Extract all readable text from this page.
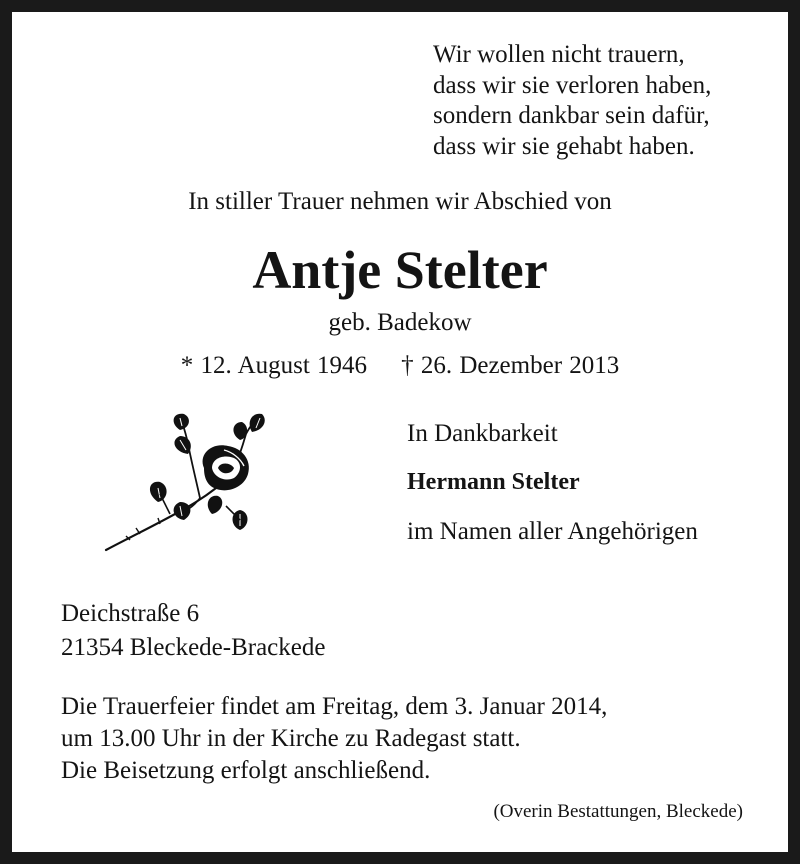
Wir wollen nicht trauern,
dass wir sie verloren haben,
sondern dankbar sein dafür,
dass wir sie gehabt haben.
In stiller Trauer nehmen wir Abschied von
Antje Stelter
geb. Badekow
* 12. August 1946 † 26. Dezember 2013
In Dankbarkeit
Hermann Stelter
im Namen aller Angehörigen
Deichstraße 6
21354 Bleckede-Brackede
Die Trauerfeier findet am Freitag, dem 3. Januar 2014,
um 13.00 Uhr in der Kirche zu Radegast statt.
Die Beisetzung erfolgt anschließend.
(Overin Bestattungen, Bleckede)
